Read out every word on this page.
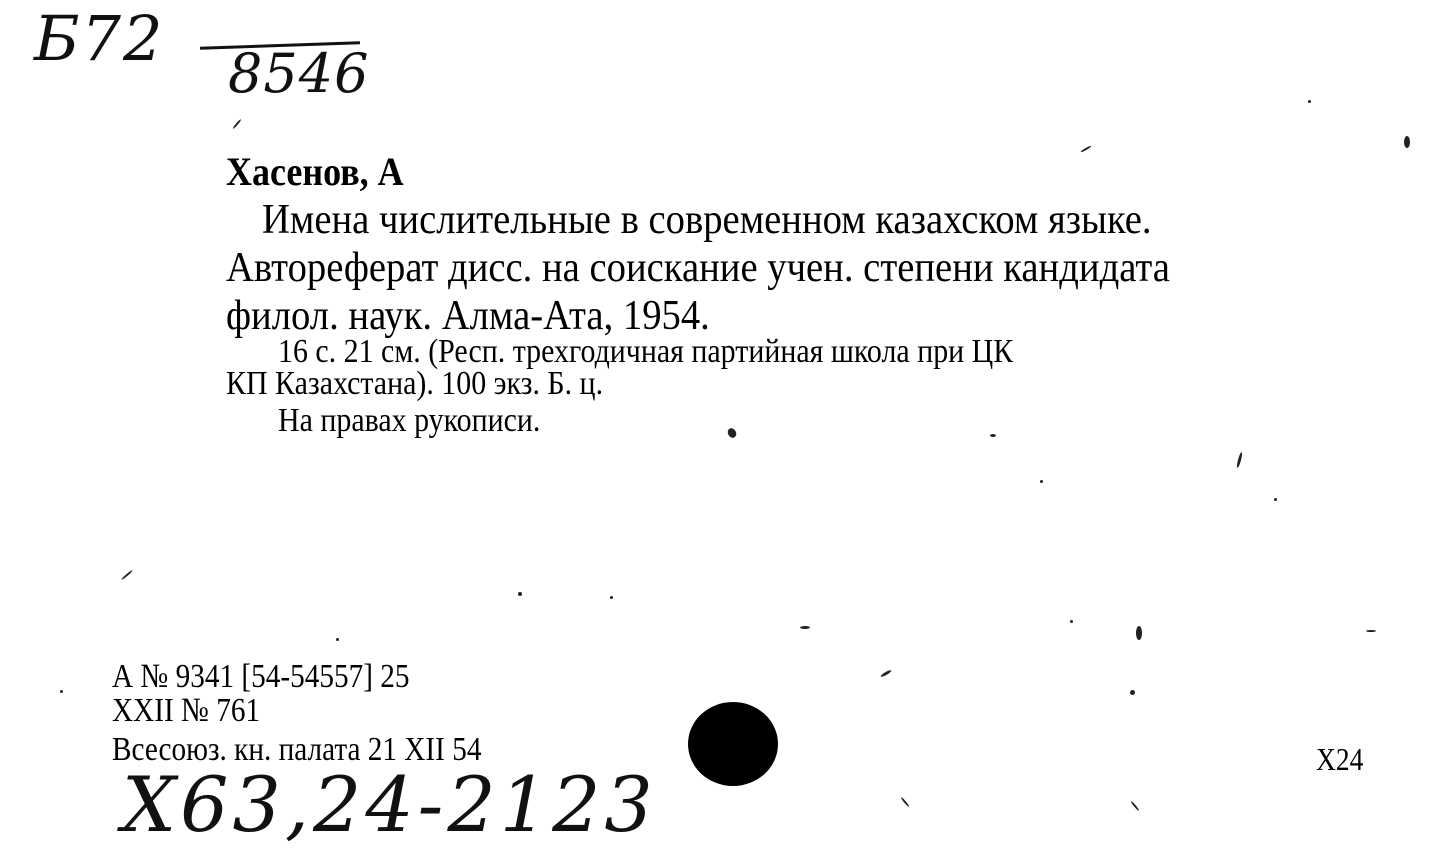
Б72 8546
Хасенов, А
Имена числительные в современном казахском языке.
Автореферат дисс. на соискание учен. степени кандидата
филол. наук. Алма-Ата, 1954.
16 с. 21 см. (Респ. трехгодичная партийная школа при ЦК
КП Казахстана). 100 экз. Б. ц.
На правах рукописи.
А № 9341 [54-54557] 25
XXII № 761
Всесоюз. кн. палата 21 XII 54	X24
X63,24-2123
